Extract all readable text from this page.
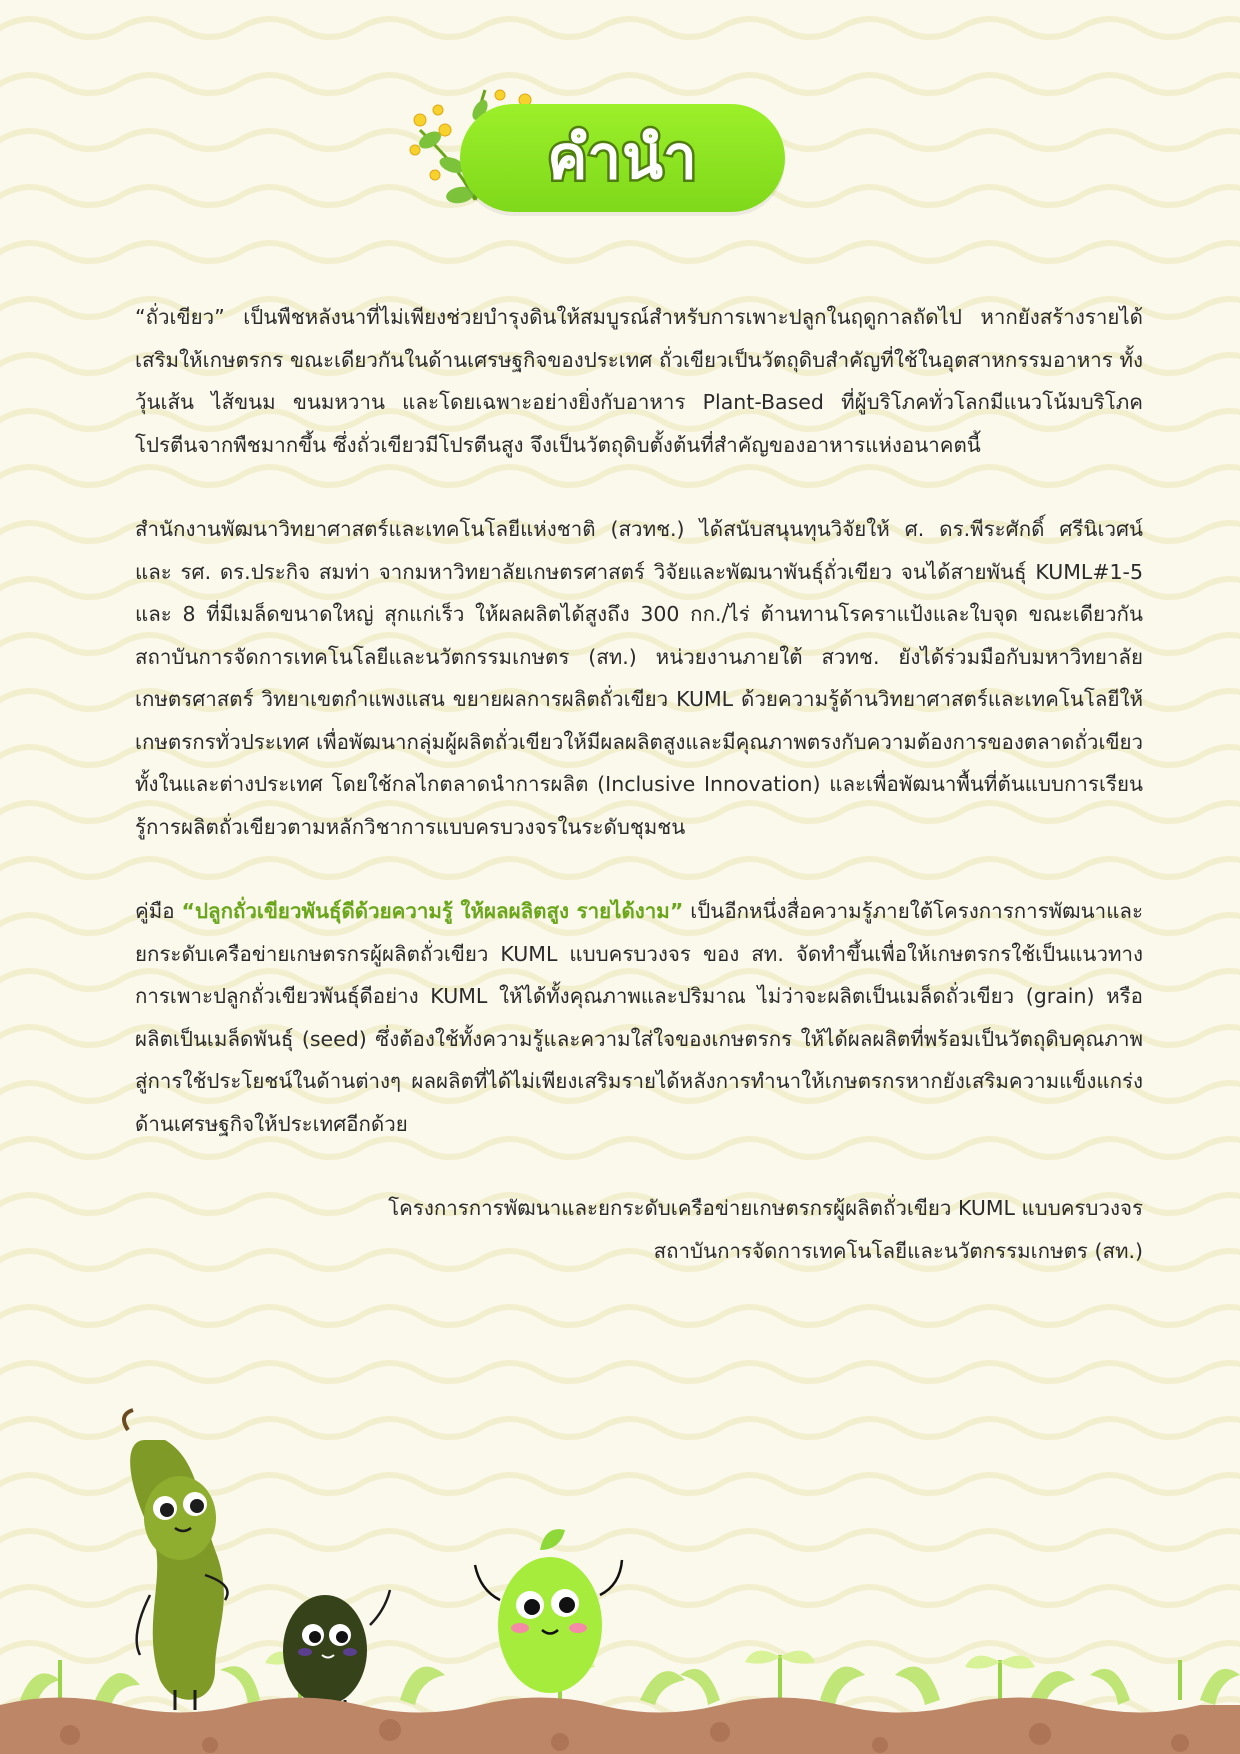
คำนำ

“ถั่วเขียว” เป็นพืชหลังนาที่ไม่เพียงช่วยบำรุงดินให้สมบูรณ์สำหรับการเพาะปลูกในฤดูกาลถัดไป หากยังสร้างรายได้เสริมให้เกษตรกร ขณะเดียวกันในด้านเศรษฐกิจของประเทศ ถั่วเขียวเป็นวัตถุดิบสำคัญที่ใช้ในอุตสาหกรรมอาหาร ทั้งวุ้นเส้น ไส้ขนม ขนมหวาน และโดยเฉพาะอย่างยิ่งกับอาหาร Plant-Based ที่ผู้บริโภคทั่วโลกมีแนวโน้มบริโภคโปรตีนจากพืชมากขึ้น ซึ่งถั่วเขียวมีโปรตีนสูง จึงเป็นวัตถุดิบตั้งต้นที่สำคัญของอาหารแห่งอนาคตนี้

สำนักงานพัฒนาวิทยาศาสตร์และเทคโนโลยีแห่งชาติ (สวทช.) ได้สนับสนุนทุนวิจัยให้ ศ. ดร.พีระศักดิ์ ศรีนิเวศน์ และ รศ. ดร.ประกิจ สมท่า จากมหาวิทยาลัยเกษตรศาสตร์ วิจัยและพัฒนาพันธุ์ถั่วเขียว จนได้สายพันธุ์ KUML#1-5 และ 8 ที่มีเมล็ดขนาดใหญ่ สุกแก่เร็ว ให้ผลผลิตได้สูงถึง 300 กก./ไร่ ต้านทานโรคราแป้งและใบจุด ขณะเดียวกันสถาบันการจัดการเทคโนโลยีและนวัตกรรมเกษตร (สท.) หน่วยงานภายใต้ สวทช. ยังได้ร่วมมือกับมหาวิทยาลัยเกษตรศาสตร์ วิทยาเขตกำแพงแสน ขยายผลการผลิตถั่วเขียว KUML ด้วยความรู้ด้านวิทยาศาสตร์และเทคโนโลยีให้เกษตรกรทั่วประเทศ เพื่อพัฒนากลุ่มผู้ผลิตถั่วเขียวให้มีผลผลิตสูงและมีคุณภาพตรงกับความต้องการของตลาดถั่วเขียวทั้งในและต่างประเทศ โดยใช้กลไกตลาดนำการผลิต (Inclusive Innovation) และเพื่อพัฒนาพื้นที่ต้นแบบการเรียนรู้การผลิตถั่วเขียวตามหลักวิชาการแบบครบวงจรในระดับชุมชน

คู่มือ “ปลูกถั่วเขียวพันธุ์ดีด้วยความรู้ ให้ผลผลิตสูง รายได้งาม” เป็นอีกหนึ่งสื่อความรู้ภายใต้โครงการการพัฒนาและยกระดับเครือข่ายเกษตรกรผู้ผลิตถั่วเขียว KUML แบบครบวงจร ของ สท. จัดทำขึ้นเพื่อให้เกษตรกรใช้เป็นแนวทางการเพาะปลูกถั่วเขียวพันธุ์ดีอย่าง KUML ให้ได้ทั้งคุณภาพและปริมาณ ไม่ว่าจะผลิตเป็นเมล็ดถั่วเขียว (grain) หรือผลิตเป็นเมล็ดพันธุ์ (seed) ซึ่งต้องใช้ทั้งความรู้และความใส่ใจของเกษตรกร ให้ได้ผลผลิตที่พร้อมเป็นวัตถุดิบคุณภาพสู่การใช้ประโยชน์ในด้านต่างๆ ผลผลิตที่ได้ไม่เพียงเสริมรายได้หลังการทำนาให้เกษตรกรหากยังเสริมความแข็งแกร่งด้านเศรษฐกิจให้ประเทศอีกด้วย

โครงการการพัฒนาและยกระดับเครือข่ายเกษตรกรผู้ผลิตถั่วเขียว KUML แบบครบวงจร
สถาบันการจัดการเทคโนโลยีและนวัตกรรมเกษตร (สท.)
